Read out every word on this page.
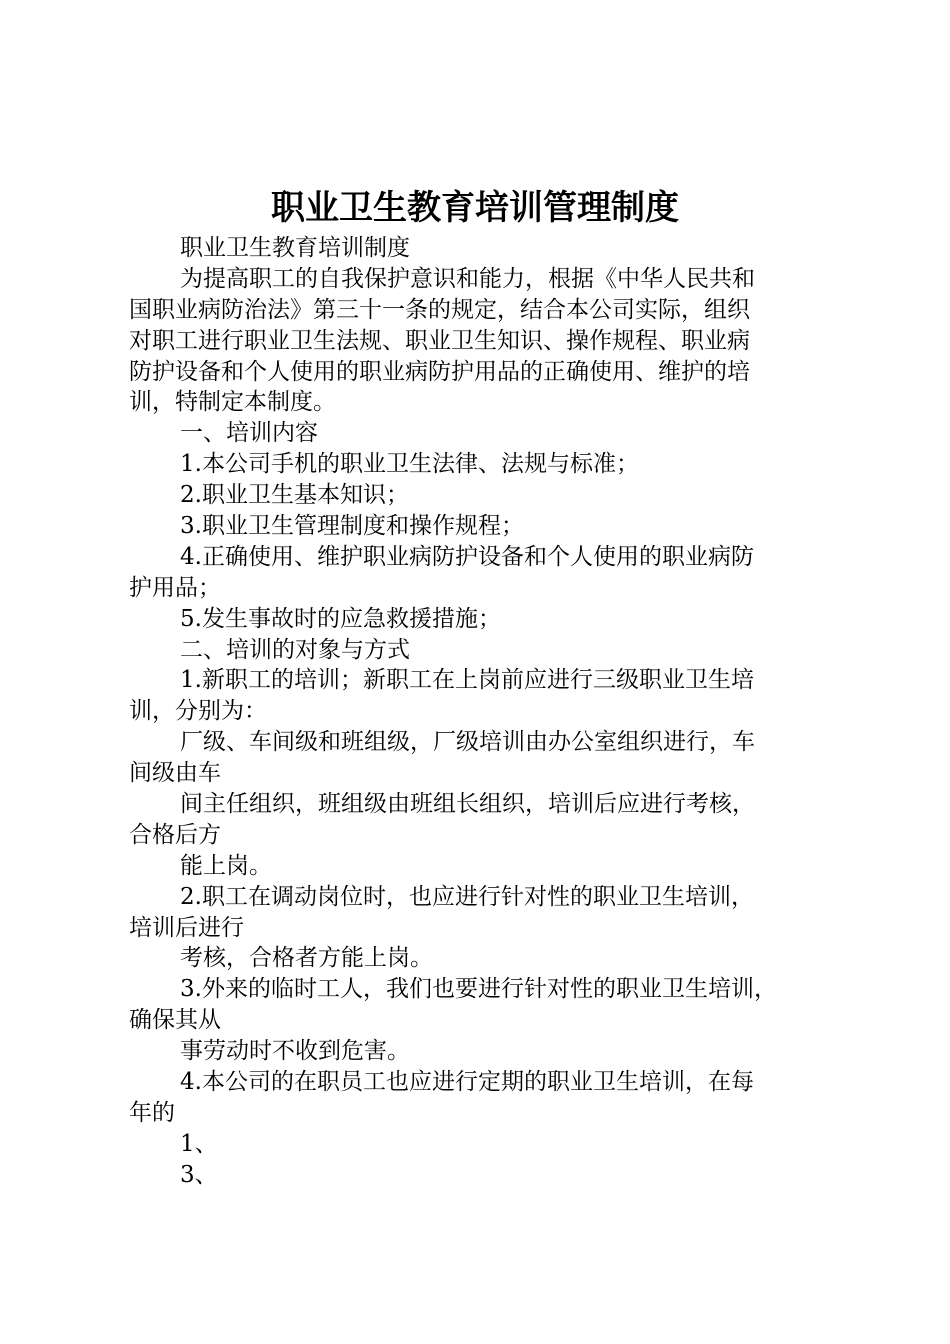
职业卫生教育培训管理制度
职业卫生教育培训制度
为提高职工的自我保护意识和能力，根据《中华人民共和
国职业病防治法》第三十一条的规定，结合本公司实际，组织
对职工进行职业卫生法规、职业卫生知识、操作规程、职业病
防护设备和个人使用的职业病防护用品的正确使用、维护的培
训，特制定本制度。
一、培训内容
1.本公司手机的职业卫生法律、法规与标准；
2.职业卫生基本知识；
3.职业卫生管理制度和操作规程；
4.正确使用、维护职业病防护设备和个人使用的职业病防
护用品；
5.发生事故时的应急救援措施；
二、培训的对象与方式
1.新职工的培训；新职工在上岗前应进行三级职业卫生培
训，分别为：
厂级、车间级和班组级，厂级培训由办公室组织进行，车
间级由车
间主任组织，班组级由班组长组织，培训后应进行考核，
合格后方
能上岗。
2.职工在调动岗位时，也应进行针对性的职业卫生培训，
培训后进行
考核，合格者方能上岗。
3.外来的临时工人，我们也要进行针对性的职业卫生培训，
确保其从
事劳动时不收到危害。
4.本公司的在职员工也应进行定期的职业卫生培训，在每
年的
1、
3、
